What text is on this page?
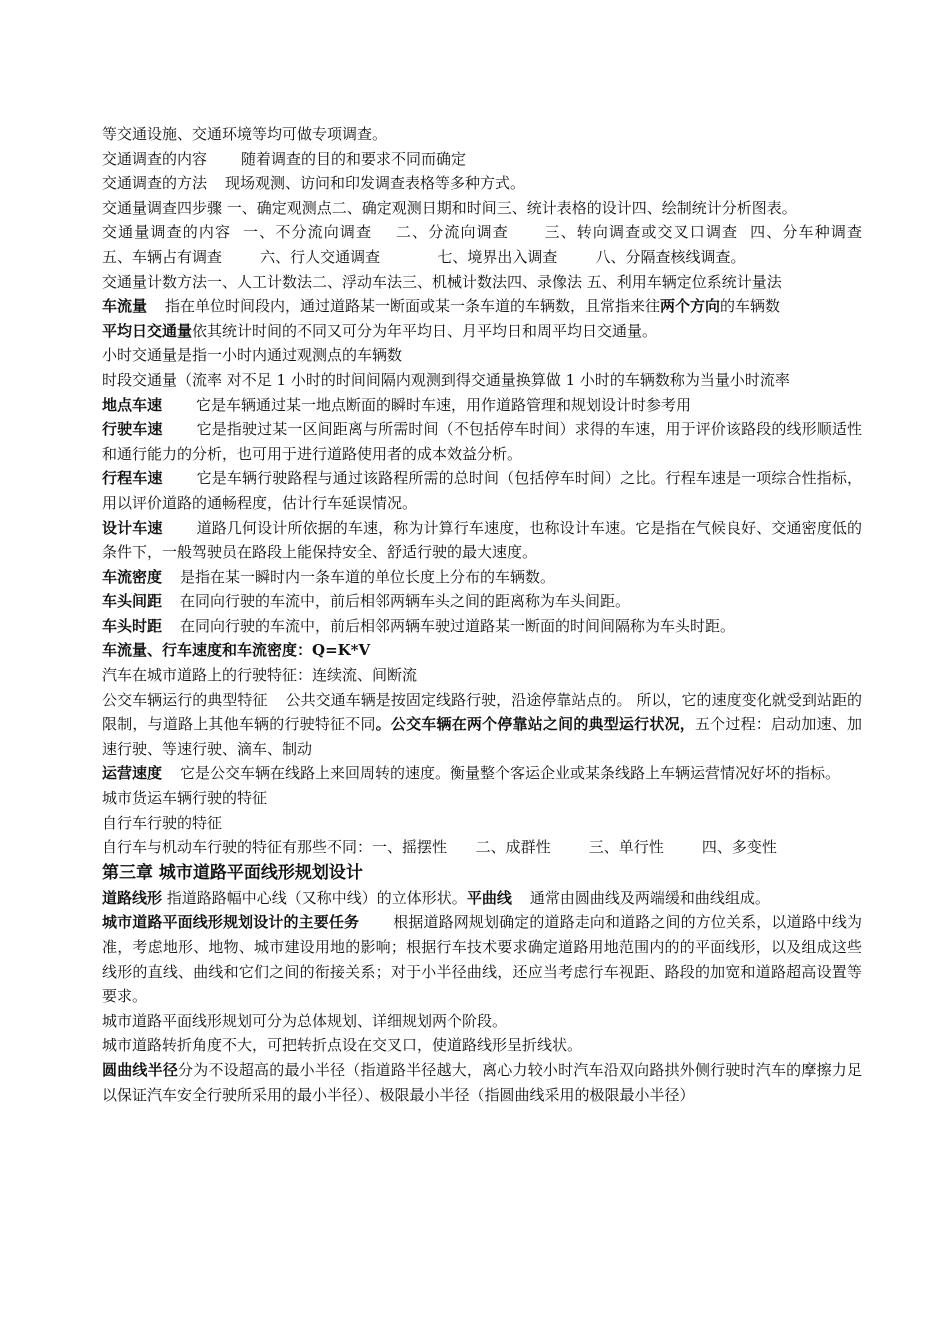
等交通设施、交通环境等均可做专项调查。

交通调查的内容 随着调查的目的和要求不同而确定

交通调查的方法 现场观测、访问和印发调查表格等多种方式。

交通量调查四步骤 一、确定观测点二、确定观测日期和时间三、统计表格的设计四、绘制统计分析图表。

交通量调查的内容  一、不分流向调查    二、分流向调查      三、转向调查或交叉口调查  四、分车种调查        五、车辆占有调查        六、行人交通调查            七、境界出入调查        八、分隔查核线调查。

交通量计数方法一、人工计数法二、浮动车法三、机械计数法四、录像法 五、利用车辆定位系统计量法

车流量 指在单位时间段内，通过道路某一断面或某一条车道的车辆数，且常指来往两个方向的车辆数

平均日交通量依其统计时间的不同又可分为年平均日、月平均日和周平均日交通量。

小时交通量是指一小时内通过观测点的车辆数

时段交通量（流率 对不足 1 小时的时间间隔内观测到得交通量换算做 1 小时的车辆数称为当量小时流率

地点车速 它是车辆通过某一地点断面的瞬时车速，用作道路管理和规划设计时参考用

行驶车速 它是指驶过某一区间距离与所需时间（不包括停车时间）求得的车速，用于评价该路段的线形顺适性和通行能力的分析，也可用于进行道路使用者的成本效益分析。

行程车速 它是车辆行驶路程与通过该路程所需的总时间（包括停车时间）之比。行程车速是一项综合性指标，用以评价道路的通畅程度，估计行车延误情况。

设计车速 道路几何设计所依据的车速，称为计算行车速度，也称设计车速。它是指在气候良好、交通密度低的条件下，一般驾驶员在路段上能保持安全、舒适行驶的最大速度。

车流密度 是指在某一瞬时内一条车道的单位长度上分布的车辆数。

车头间距 在同向行驶的车流中，前后相邻两辆车头之间的距离称为车头间距。

车头时距 在同向行驶的车流中，前后相邻两辆车驶过道路某一断面的时间间隔称为车头时距。

车流量、行车速度和车流密度：Q=K*V

汽车在城市道路上的行驶特征：连续流、间断流

公交车辆运行的典型特征 公共交通车辆是按固定线路行驶，沿途停靠站点的。 所以，它的速度变化就受到站距的限制，与道路上其他车辆的行驶特征不同。公交车辆在两个停靠站之间的典型运行状况，五个过程：启动加速、加速行驶、等速行驶、滴车、制动

运营速度 它是公交车辆在线路上来回周转的速度。衡量整个客运企业或某条线路上车辆运营情况好坏的指标。

城市货运车辆行驶的特征

自行车行驶的特征

自行车与机动车行驶的特征有那些不同：一、摇摆性      二、成群性        三、单行性        四、多变性

第三章 城市道路平面线形规划设计

道路线形 指道路路幅中心线（又称中线）的立体形状。平曲线 通常由圆曲线及两端缓和曲线组成。

城市道路平面线形规划设计的主要任务 根据道路网规划确定的道路走向和道路之间的方位关系，以道路中线为准，考虑地形、地物、城市建设用地的影响；根据行车技术要求确定道路用地范围内的的平面线形，以及组成这些线形的直线、曲线和它们之间的衔接关系；对于小半径曲线，还应当考虑行车视距、路段的加宽和道路超高设置等要求。

城市道路平面线形规划可分为总体规划、详细规划两个阶段。

城市道路转折角度不大，可把转折点设在交叉口，使道路线形呈折线状。

圆曲线半径分为不设超高的最小半径（指道路半径越大，离心力较小时汽车沿双向路拱外侧行驶时汽车的摩擦力足以保证汽车安全行驶所采用的最小半径）、极限最小半径（指圆曲线采用的极限最小半径）
